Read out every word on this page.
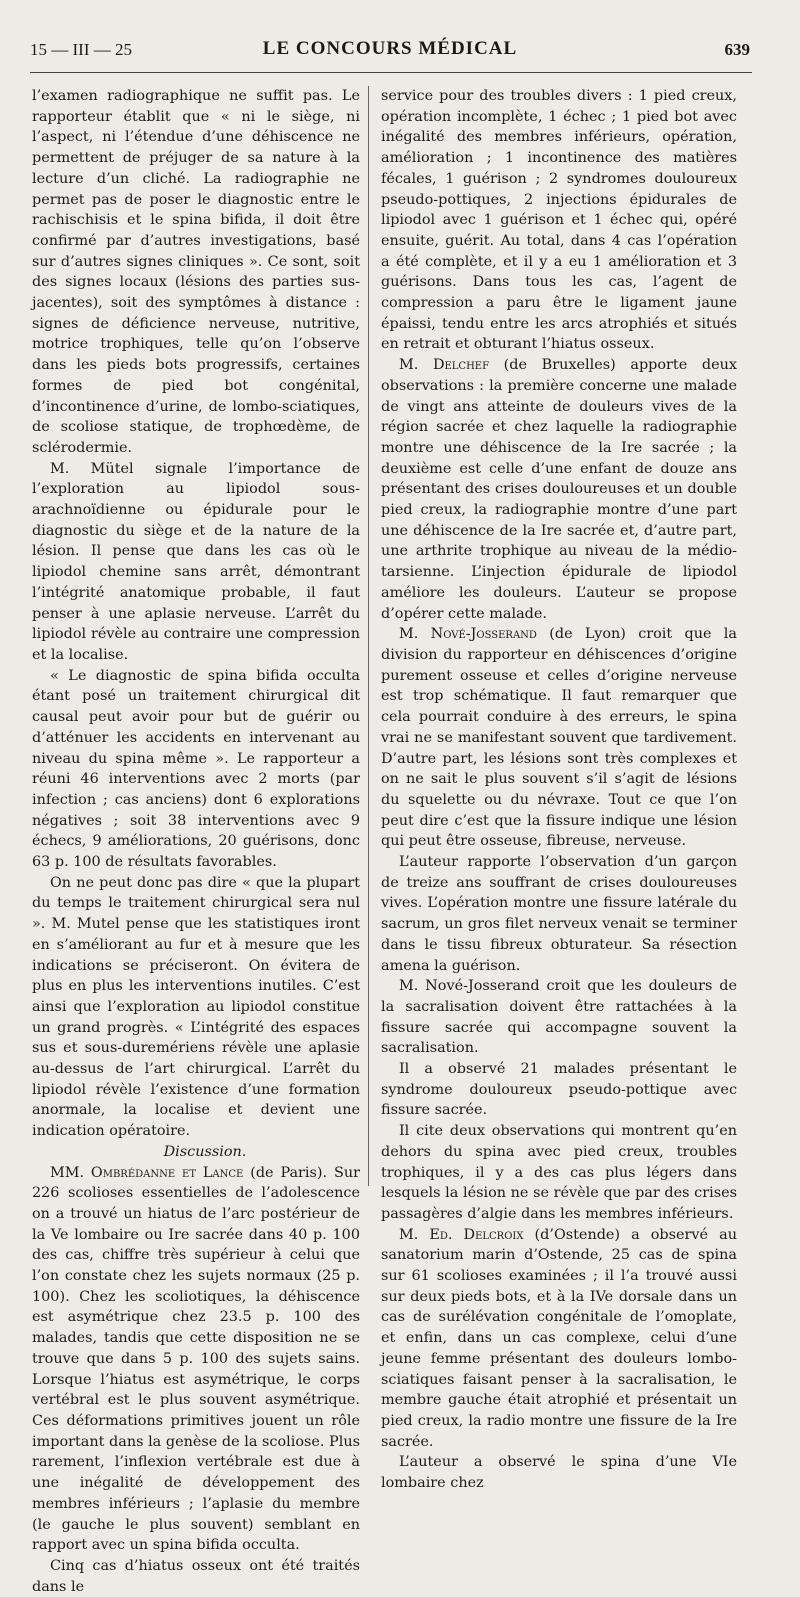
15 — III — 25	LE CONCOURS MÉDICAL	639

l’examen radiographique ne suffit pas. Le rapporteur établit que « ni le siège, ni l’aspect, ni l’étendue d’une déhiscence ne permettent de préjuger de sa nature à la lecture d’un cliché. La radiographie ne permet pas de poser le diagnostic entre le rachischisis et le spina bifida, il doit être confirmé par d’autres investigations, basé sur d’autres signes cliniques ». Ce sont, soit des signes locaux (lésions des parties sus-jacentes), soit des symptômes à distance : signes de déficience nerveuse, nutritive, motrice trophiques, telle qu’on l’observe dans les pieds bots progressifs, certaines formes de pied bot congénital, d’incontinence d’urine, de lombo-sciatiques, de scoliose statique, de trophœdème, de sclérodermie.

M. Mütel signale l’importance de l’exploration au lipiodol sous-arachnoïdienne ou épidurale pour le diagnostic du siège et de la nature de la lésion. Il pense que dans les cas où le lipiodol chemine sans arrêt, démontrant l’intégrité anatomique probable, il faut penser à une aplasie nerveuse. L’arrêt du lipiodol révèle au contraire une compression et la localise.

« Le diagnostic de spina bifida occulta étant posé un traitement chirurgical dit causal peut avoir pour but de guérir ou d’atténuer les accidents en intervenant au niveau du spina même ». Le rapporteur a réuni 46 interventions avec 2 morts (par infection ; cas anciens) dont 6 explorations négatives ; soit 38 interventions avec 9 échecs, 9 améliorations, 20 guérisons, donc 63 p. 100 de résultats favorables.

On ne peut donc pas dire « que la plupart du temps le traitement chirurgical sera nul ». M. Mutel pense que les statistiques iront en s’améliorant au fur et à mesure que les indications se préciseront. On évitera de plus en plus les interventions inutiles. C’est ainsi que l’exploration au lipiodol constitue un grand progrès. « L’intégrité des espaces sus et sous-duremériens révèle une aplasie au-dessus de l’art chirurgical. L’arrêt du lipiodol révèle l’existence d’une formation anormale, la localise et devient une indication opératoire.

Discussion.

MM. Ombrédanne et Lance (de Paris). Sur 226 scolioses essentielles de l’adolescence on a trouvé un hiatus de l’arc postérieur de la Ve lombaire ou Ire sacrée dans 40 p. 100 des cas, chiffre très supérieur à celui que l’on constate chez les sujets normaux (25 p. 100). Chez les scoliotiques, la déhiscence est asymétrique chez 23.5 p. 100 des malades, tandis que cette disposition ne se trouve que dans 5 p. 100 des sujets sains. Lorsque l’hiatus est asymétrique, le corps vertébral est le plus souvent asymétrique. Ces déformations primitives jouent un rôle important dans la genèse de la scoliose. Plus rarement, l’inflexion vertébrale est due à une inégalité de développement des membres inférieurs ; l’aplasie du membre (le gauche le plus souvent) semblant en rapport avec un spina bifida occulta.

Cinq cas d’hiatus osseux ont été traités dans le

service pour des troubles divers : 1 pied creux, opération incomplète, 1 échec ; 1 pied bot avec inégalité des membres inférieurs, opération, amélioration ; 1 incontinence des matières fécales, 1 guérison ; 2 syndromes douloureux pseudo-pottiques, 2 injections épidurales de lipiodol avec 1 guérison et 1 échec qui, opéré ensuite, guérit. Au total, dans 4 cas l’opération a été complète, et il y a eu 1 amélioration et 3 guérisons. Dans tous les cas, l’agent de compression a paru être le ligament jaune épaissi, tendu entre les arcs atrophiés et situés en retrait et obturant l’hiatus osseux.

M. Delchef (de Bruxelles) apporte deux observations : la première concerne une malade de vingt ans atteinte de douleurs vives de la région sacrée et chez laquelle la radiographie montre une déhiscence de la Ire sacrée ; la deuxième est celle d’une enfant de douze ans présentant des crises douloureuses et un double pied creux, la radiographie montre d’une part une déhiscence de la Ire sacrée et, d’autre part, une arthrite trophique au niveau de la médio-tarsienne. L’injection épidurale de lipiodol améliore les douleurs. L’auteur se propose d’opérer cette malade.

M. Nové-Josserand (de Lyon) croit que la division du rapporteur en déhiscences d’origine purement osseuse et celles d’origine nerveuse est trop schématique. Il faut remarquer que cela pourrait conduire à des erreurs, le spina vrai ne se manifestant souvent que tardivement. D’autre part, les lésions sont très complexes et on ne sait le plus souvent s’il s’agit de lésions du squelette ou du névraxe. Tout ce que l’on peut dire c’est que la fissure indique une lésion qui peut être osseuse, fibreuse, nerveuse.

L’auteur rapporte l’observation d’un garçon de treize ans souffrant de crises douloureuses vives. L’opération montre une fissure latérale du sacrum, un gros filet nerveux venait se terminer dans le tissu fibreux obturateur. Sa résection amena la guérison.

M. Nové-Josserand croit que les douleurs de la sacralisation doivent être rattachées à la fissure sacrée qui accompagne souvent la sacralisation.

Il a observé 21 malades présentant le syndrome douloureux pseudo-pottique avec fissure sacrée.

Il cite deux observations qui montrent qu’en dehors du spina avec pied creux, troubles trophiques, il y a des cas plus légers dans lesquels la lésion ne se révèle que par des crises passagères d’algie dans les membres inférieurs.

M. Ed. Delcroix (d’Ostende) a observé au sanatorium marin d’Ostende, 25 cas de spina sur 61 scolioses examinées ; il l’a trouvé aussi sur deux pieds bots, et à la IVe dorsale dans un cas de surélévation congénitale de l’omoplate, et enfin, dans un cas complexe, celui d’une jeune femme présentant des douleurs lombo-sciatiques faisant penser à la sacralisation, le membre gauche était atrophié et présentait un pied creux, la radio montre une fissure de la Ire sacrée.

L’auteur a observé le spina d’une VIe lombaire chez
